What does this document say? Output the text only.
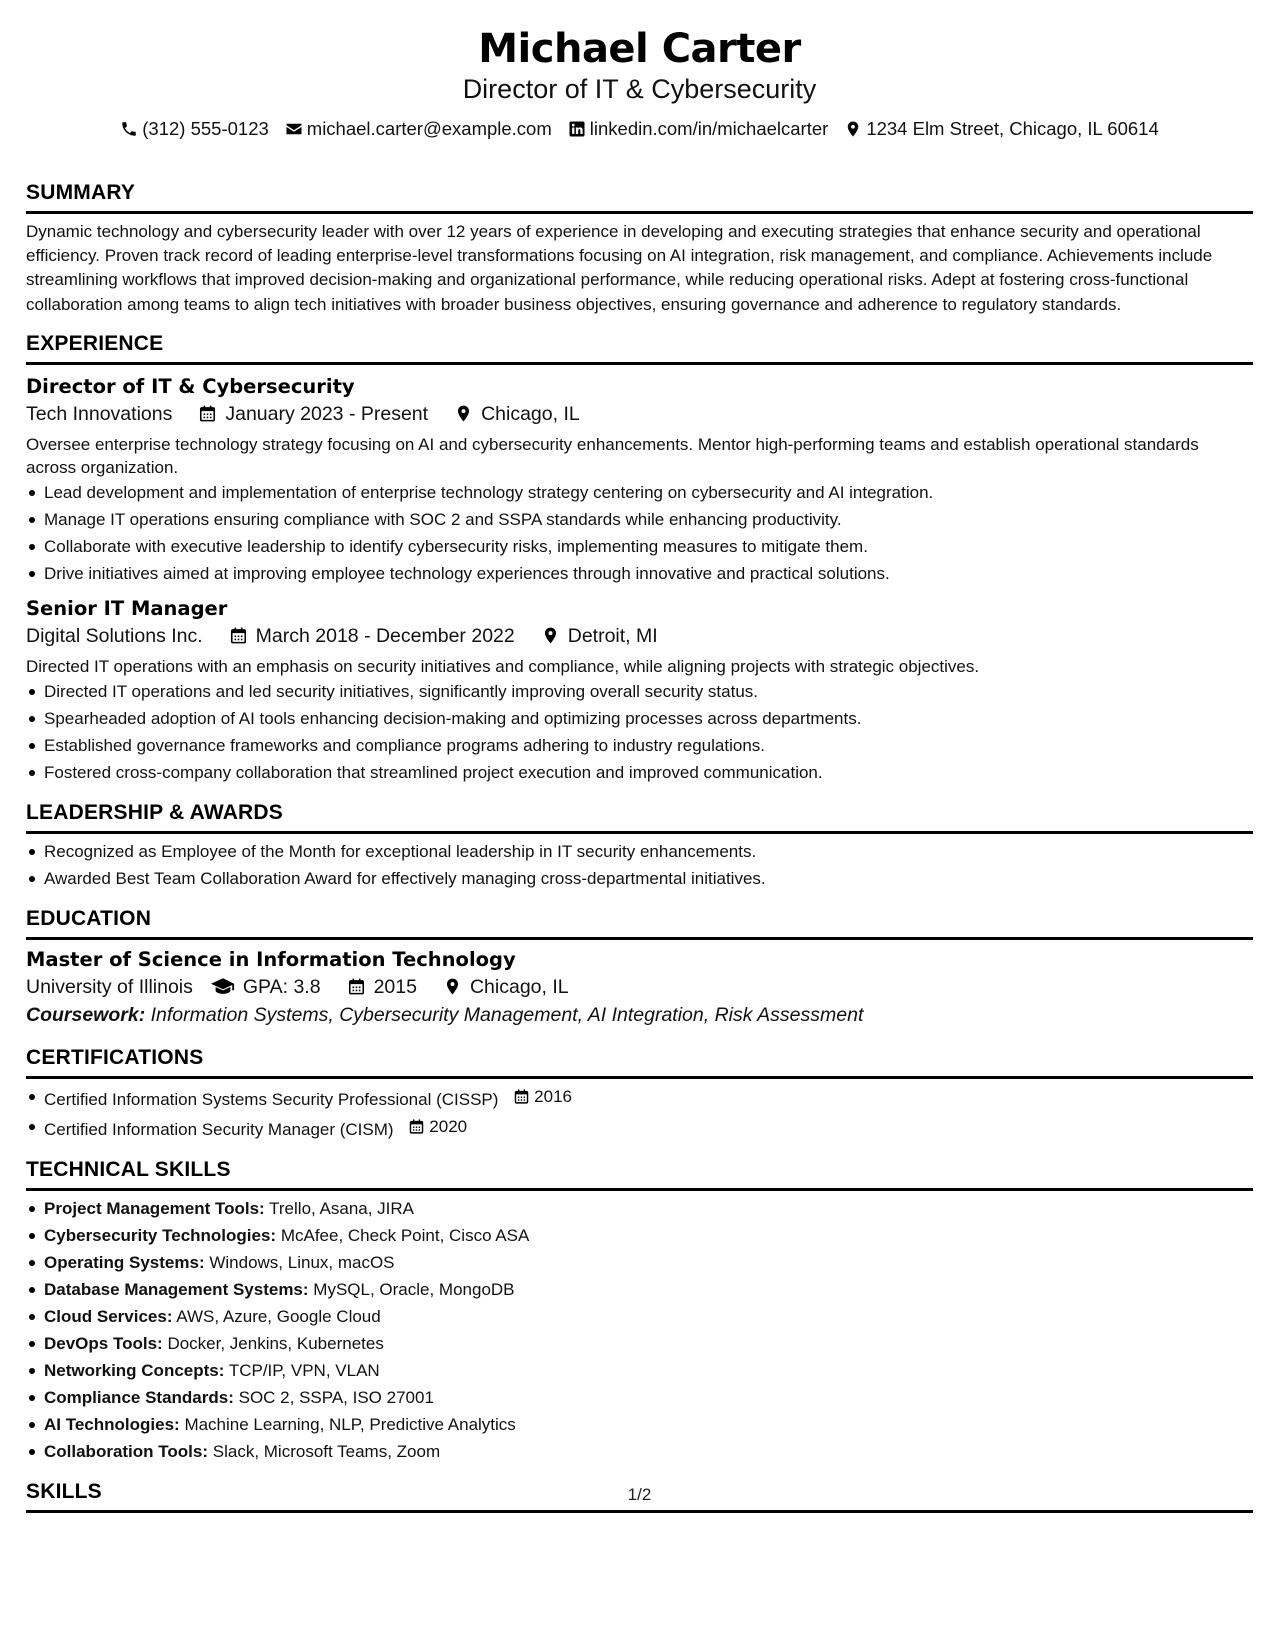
Michael Carter
Director of IT & Cybersecurity
(312) 555-0123 michael.carter@example.com linkedin.com/in/michaelcarter 1234 Elm Street, Chicago, IL 60614
SUMMARY
Dynamic technology and cybersecurity leader with over 12 years of experience in developing and executing strategies that enhance security and operational efficiency. Proven track record of leading enterprise-level transformations focusing on AI integration, risk management, and compliance. Achievements include streamlining workflows that improved decision-making and organizational performance, while reducing operational risks. Adept at fostering cross-functional collaboration among teams to align tech initiatives with broader business objectives, ensuring governance and adherence to regulatory standards.
EXPERIENCE
Director of IT & Cybersecurity
Tech Innovations	January 2023 - Present	Chicago, IL
Oversee enterprise technology strategy focusing on AI and cybersecurity enhancements. Mentor high-performing teams and establish operational standards across organization.
Lead development and implementation of enterprise technology strategy centering on cybersecurity and AI integration.
Manage IT operations ensuring compliance with SOC 2 and SSPA standards while enhancing productivity.
Collaborate with executive leadership to identify cybersecurity risks, implementing measures to mitigate them.
Drive initiatives aimed at improving employee technology experiences through innovative and practical solutions.
Senior IT Manager
Digital Solutions Inc.	March 2018 - December 2022	Detroit, MI
Directed IT operations with an emphasis on security initiatives and compliance, while aligning projects with strategic objectives.
Directed IT operations and led security initiatives, significantly improving overall security status.
Spearheaded adoption of AI tools enhancing decision-making and optimizing processes across departments.
Established governance frameworks and compliance programs adhering to industry regulations.
Fostered cross-company collaboration that streamlined project execution and improved communication.
LEADERSHIP & AWARDS
Recognized as Employee of the Month for exceptional leadership in IT security enhancements.
Awarded Best Team Collaboration Award for effectively managing cross-departmental initiatives.
EDUCATION
Master of Science in Information Technology
University of Illinois	GPA: 3.8	2015	Chicago, IL
Coursework: Information Systems, Cybersecurity Management, AI Integration, Risk Assessment
CERTIFICATIONS
Certified Information Systems Security Professional (CISSP) 2016
Certified Information Security Manager (CISM) 2020
TECHNICAL SKILLS
Project Management Tools: Trello, Asana, JIRA
Cybersecurity Technologies: McAfee, Check Point, Cisco ASA
Operating Systems: Windows, Linux, macOS
Database Management Systems: MySQL, Oracle, MongoDB
Cloud Services: AWS, Azure, Google Cloud
DevOps Tools: Docker, Jenkins, Kubernetes
Networking Concepts: TCP/IP, VPN, VLAN
Compliance Standards: SOC 2, SSPA, ISO 27001
AI Technologies: Machine Learning, NLP, Predictive Analytics
Collaboration Tools: Slack, Microsoft Teams, Zoom
SKILLS	1/2
